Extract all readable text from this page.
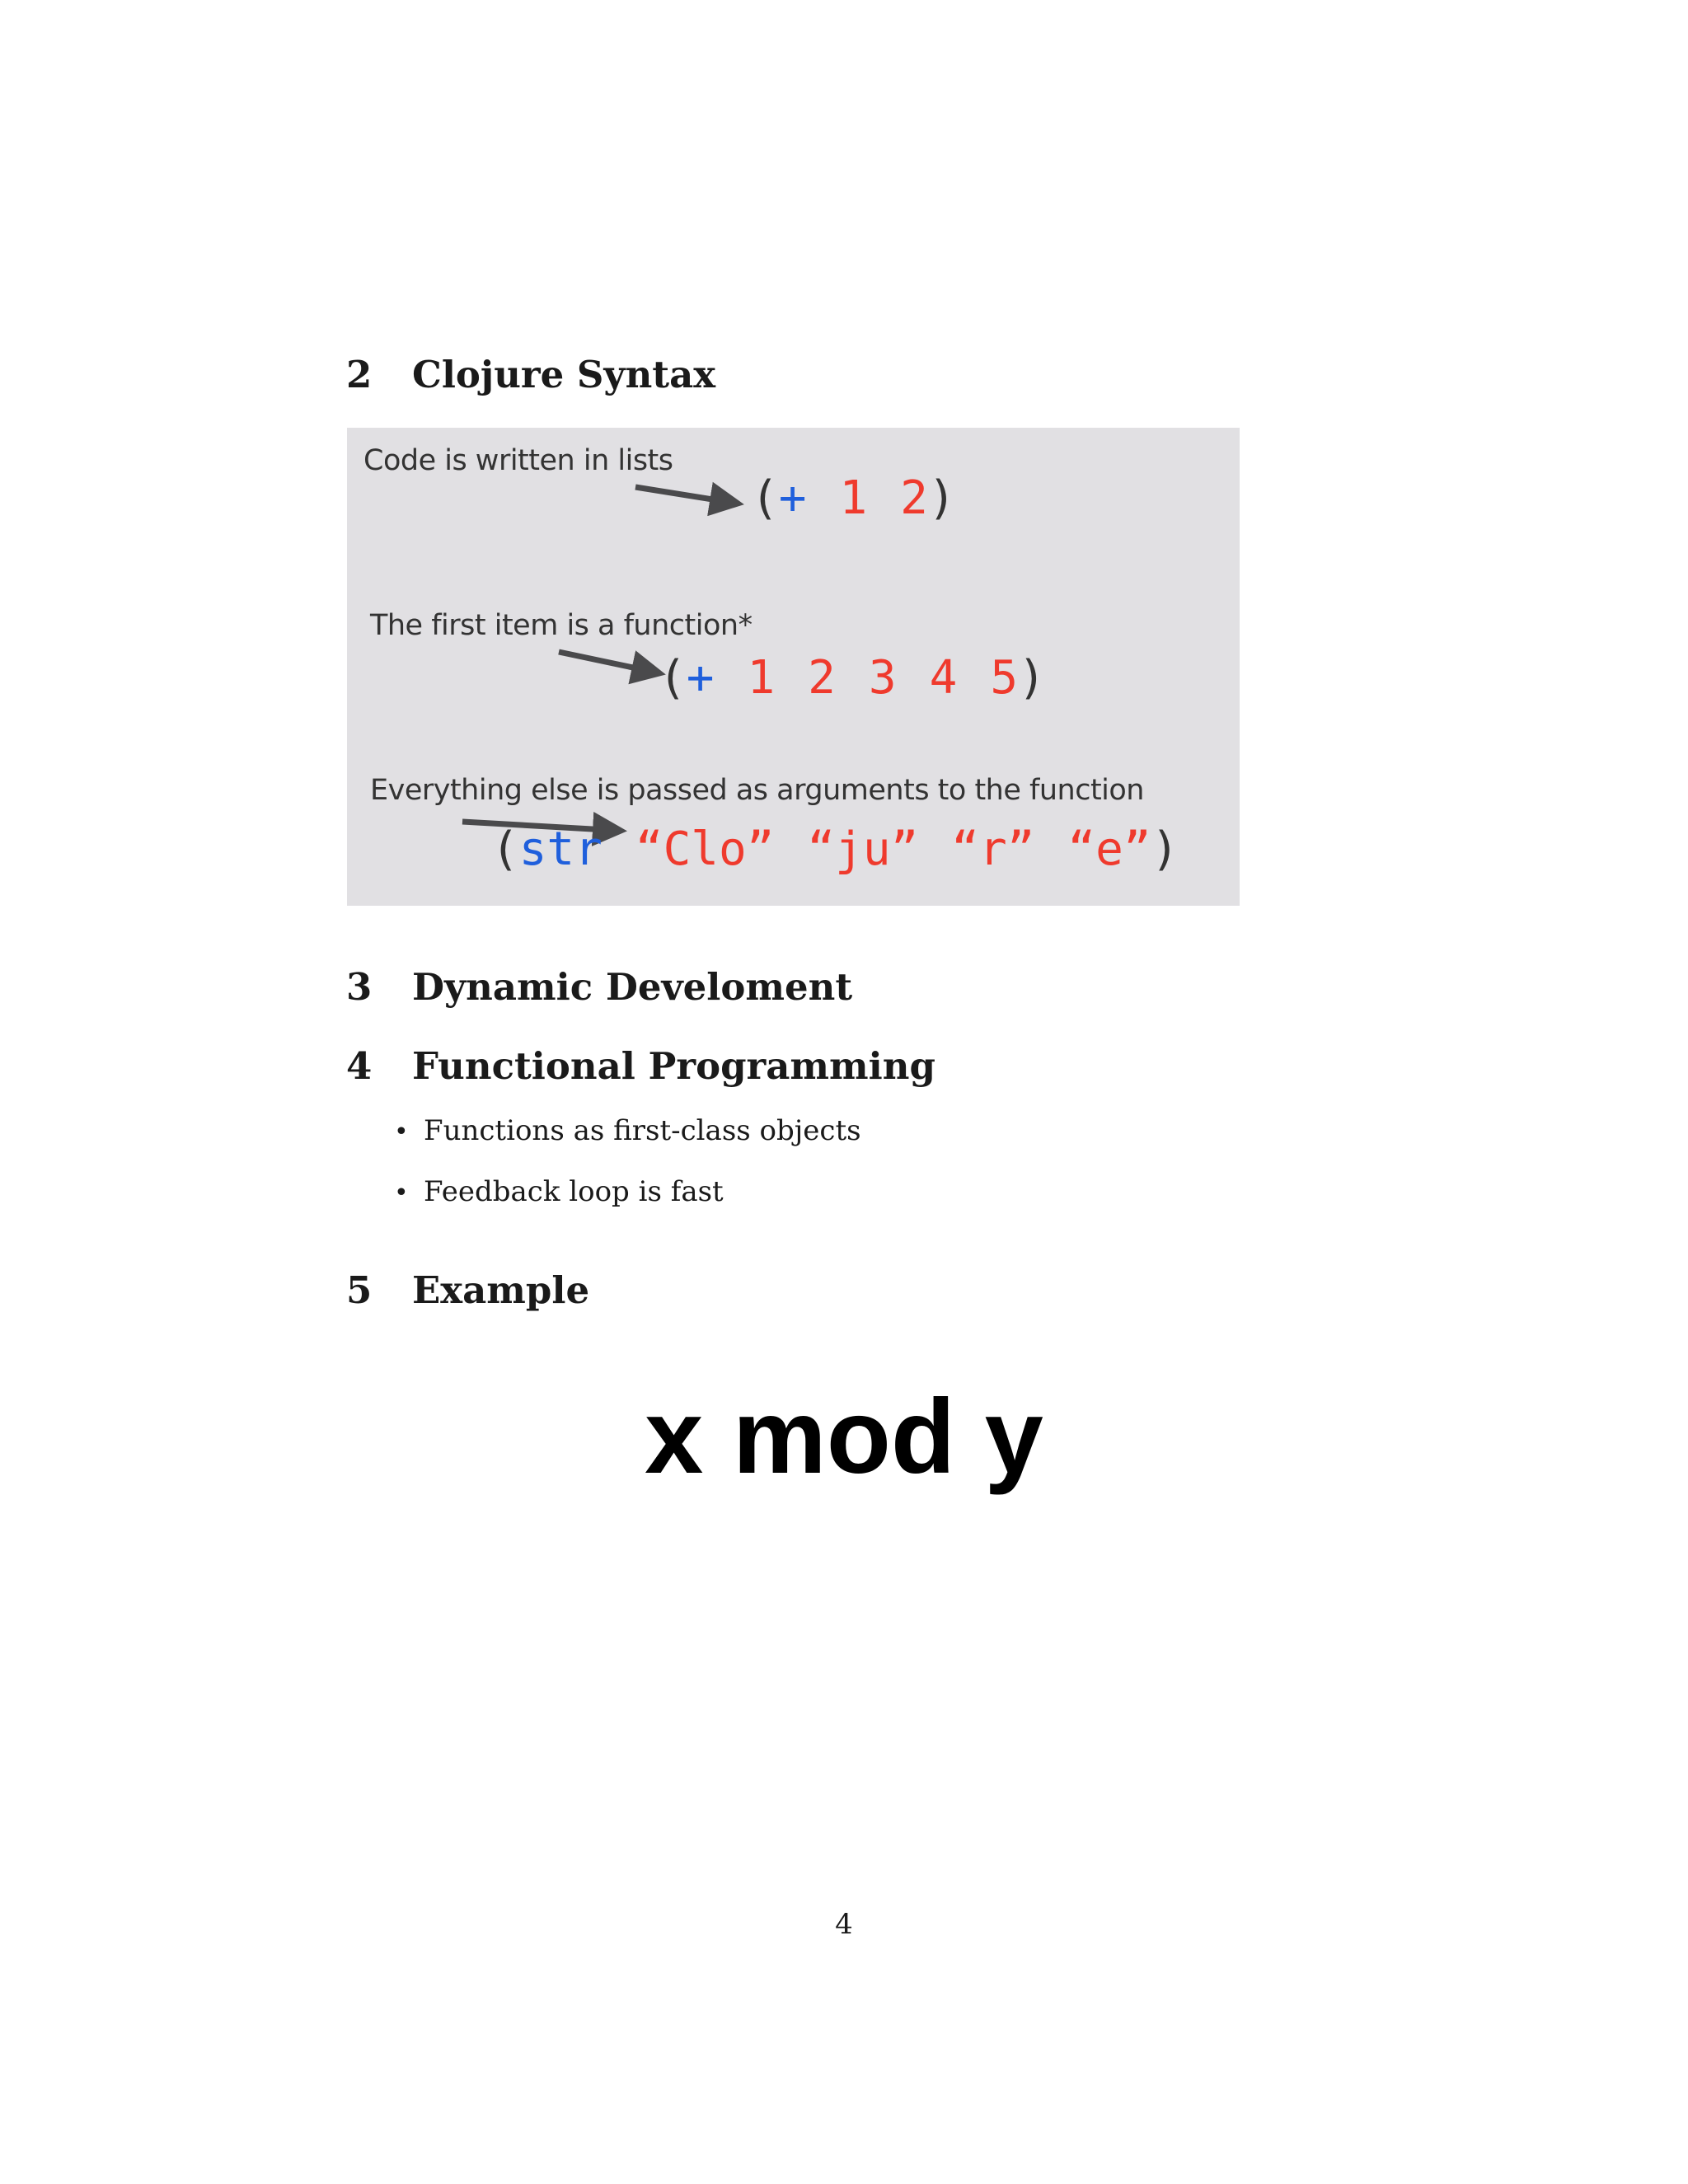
2 Clojure Syntax
Code is written in lists
(+ 1 2)
The first item is a function*
(+ 1 2 3 4 5)
Everything else is passed as arguments to the function
(str “Clo” “ju” “r” “e”)
3 Dynamic Develoment
4 Functional Programming
• Functions as first-class objects
• Feedback loop is fast
5 Example
x mod y
4
